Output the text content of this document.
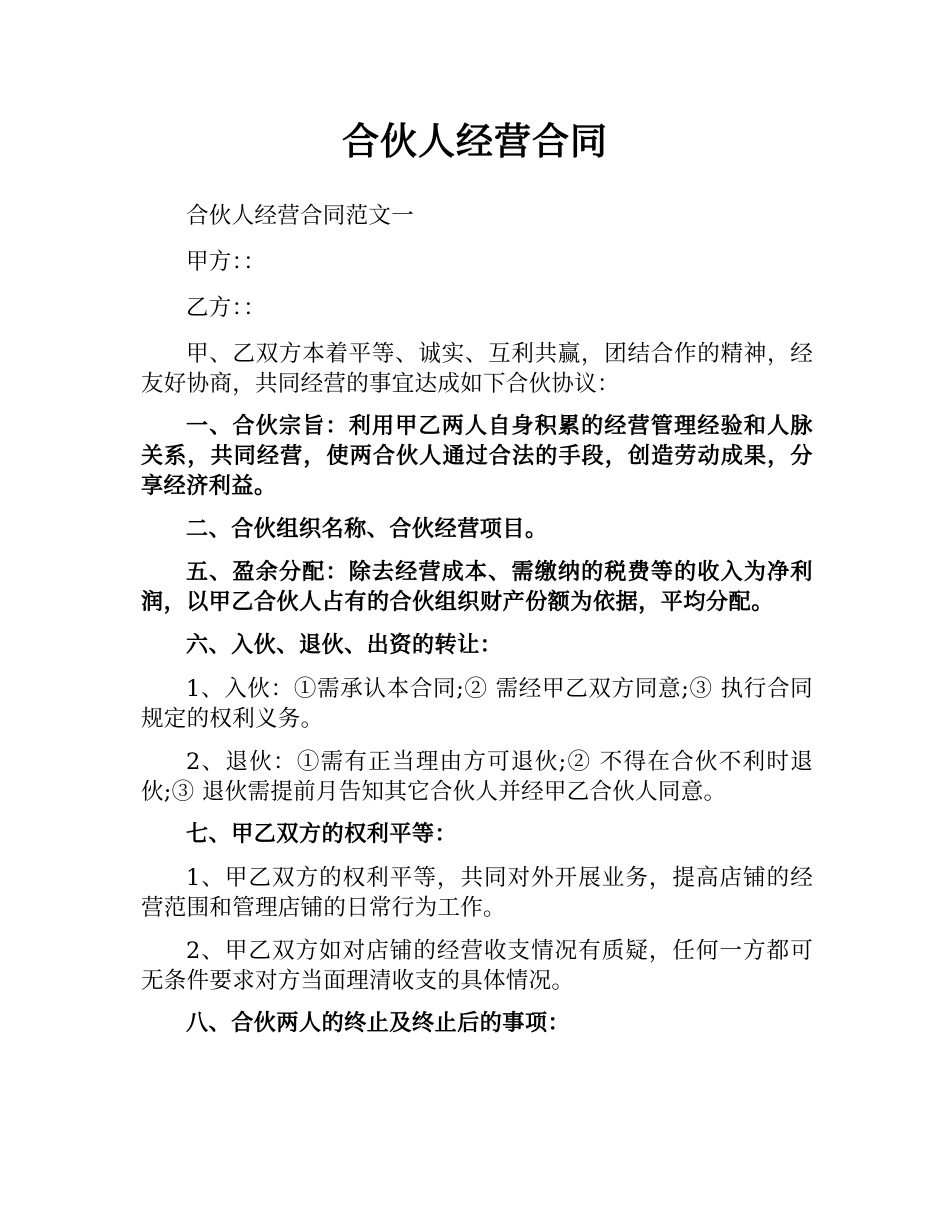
合伙人经营合同

合伙人经营合同范文一

甲方：：

乙方：：

甲、乙双方本着平等、诚实、互利共赢，团结合作的精神，经友好协商，共同经营的事宜达成如下合伙协议：

一、合伙宗旨：利用甲乙两人自身积累的经营管理经验和人脉关系，共同经营，使两合伙人通过合法的手段，创造劳动成果，分享经济利益。

二、合伙组织名称、合伙经营项目。

五、盈余分配：除去经营成本、需缴纳的税费等的收入为净利润，以甲乙合伙人占有的合伙组织财产份额为依据，平均分配。

六、入伙、退伙、出资的转让：

1、入伙：①需承认本合同;② 需经甲乙双方同意;③ 执行合同规定的权利义务。

2、退伙：①需有正当理由方可退伙;② 不得在合伙不利时退伙;③ 退伙需提前月告知其它合伙人并经甲乙合伙人同意。

七、甲乙双方的权利平等：

1、甲乙双方的权利平等，共同对外开展业务，提高店铺的经营范围和管理店铺的日常行为工作。

2、甲乙双方如对店铺的经营收支情况有质疑，任何一方都可无条件要求对方当面理清收支的具体情况。

八、合伙两人的终止及终止后的事项：
